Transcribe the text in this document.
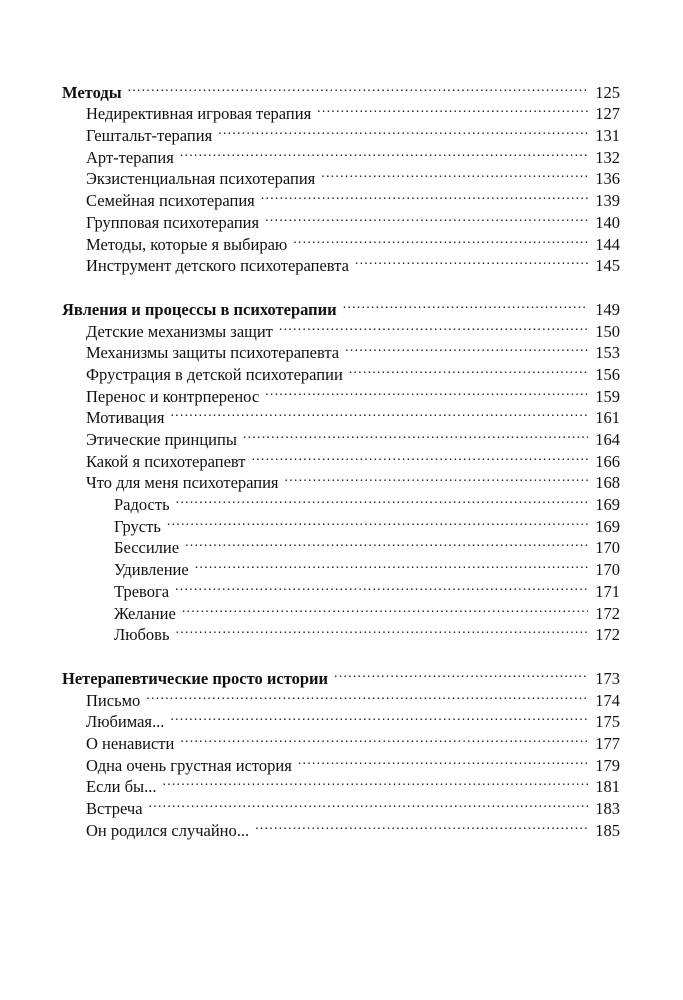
Методы .....	125
Недирективная игровая терапия .....	127
Гештальт-терапия .....	131
Арт-терапия .....	132
Экзистенциальная психотерапия .....	136
Семейная психотерапия .....	139
Групповая психотерапия .....	140
Методы, которые я выбираю .....	144
Инструмент детского психотерапевта .....	145
Явления и процессы в психотерапии .....	149
Детские механизмы защит .....	150
Механизмы защиты психотерапевта .....	153
Фрустрация в детской психотерапии .....	156
Перенос и контрперенос .....	159
Мотивация .....	161
Этические принципы .....	164
Какой я психотерапевт .....	166
Что для меня психотерапия .....	168
Радость .....	169
Грусть .....	169
Бессилие .....	170
Удивление .....	170
Тревога .....	171
Желание .....	172
Любовь .....	172
Нетерапевтические просто истории .....	173
Письмо .....	174
Любимая... .....	175
О ненависти .....	177
Одна очень грустная история .....	179
Если бы... .....	181
Встреча .....	183
Он родился случайно... .....	185
